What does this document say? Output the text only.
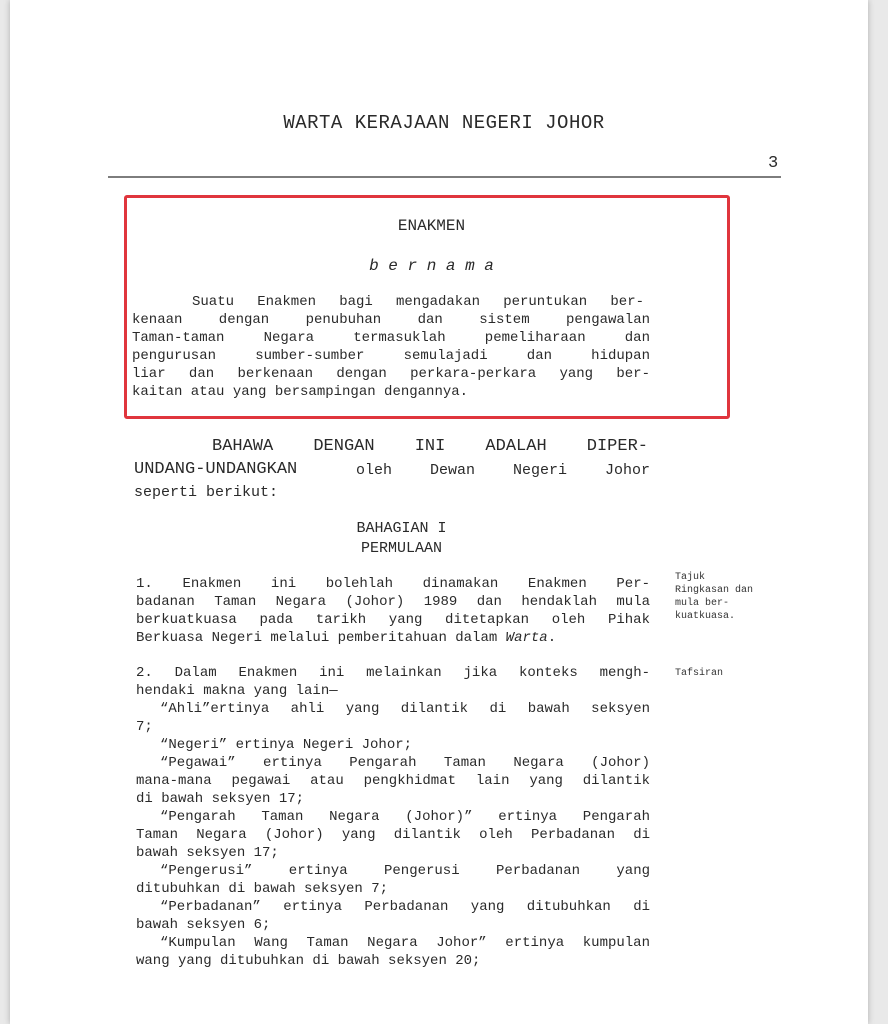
WARTA KERAJAAN NEGERI JOHOR
3
ENAKMEN
b e r n a m a
Suatu Enakmen bagi mengadakan peruntukan ber-
kenaan dengan penubuhan dan sistem pengawalan
Taman-taman Negara termasuklah pemeliharaan dan
pengurusan sumber-sumber semulajadi dan hidupan
liar dan berkenaan dengan perkara-perkara yang ber-
kaitan atau yang bersampingan dengannya.
BAHAWA DENGAN INI ADALAH DIPER-
UNDANG-UNDANGKAN	oleh Dewan Negeri Johor
seperti berikut:
BAHAGIAN I
PERMULAAN
1. Enakmen ini bolehlah dinamakan Enakmen Per-
badanan Taman Negara (Johor) 1989 dan hendaklah mula
berkuatkuasa pada tarikh yang ditetapkan oleh Pihak
Berkuasa Negeri melalui pemberitahuan dalam Warta.
Tajuk
Ringkasan dan
mula ber-
kuatkuasa.
Tafsiran
2. Dalam Enakmen ini melainkan jika konteks mengh-
hendaki makna yang lain—
“Ahli”ertinya ahli yang dilantik di bawah seksyen
7;
“Negeri” ertinya Negeri Johor;
“Pegawai” ertinya Pengarah Taman Negara (Johor)
mana-mana pegawai atau pengkhidmat lain yang dilantik
di bawah seksyen 17;
“Pengarah Taman Negara (Johor)” ertinya Pengarah
Taman Negara (Johor) yang dilantik oleh Perbadanan di
bawah seksyen 17;
“Pengerusi” ertinya Pengerusi Perbadanan yang
ditubuhkan di bawah seksyen 7;
“Perbadanan” ertinya Perbadanan yang ditubuhkan di
bawah seksyen 6;
“Kumpulan Wang Taman Negara Johor” ertinya kumpulan
wang yang ditubuhkan di bawah seksyen 20;
